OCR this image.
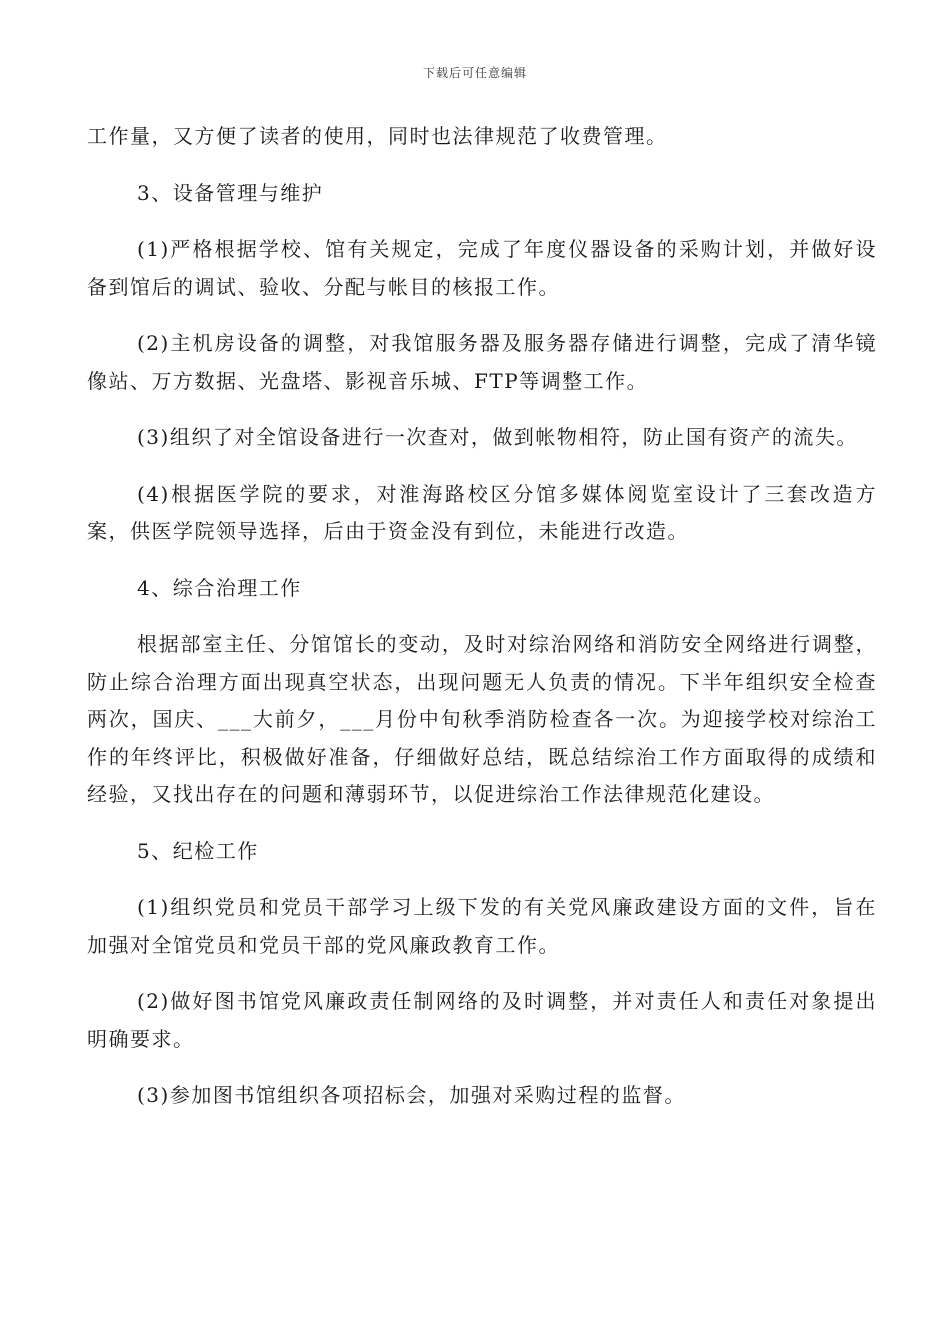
下载后可任意编辑

工作量，又方便了读者的使用，同时也法律规范了收费管理。

3、设备管理与维护

(1)严格根据学校、馆有关规定，完成了年度仪器设备的采购计划，并做好设备到馆后的调试、验收、分配与帐目的核报工作。

(2)主机房设备的调整，对我馆服务器及服务器存储进行调整，完成了清华镜像站、万方数据、光盘塔、影视音乐城、FTP等调整工作。

(3)组织了对全馆设备进行一次查对，做到帐物相符，防止国有资产的流失。

(4)根据医学院的要求，对淮海路校区分馆多媒体阅览室设计了三套改造方案，供医学院领导选择，后由于资金没有到位，未能进行改造。

4、综合治理工作

根据部室主任、分馆馆长的变动，及时对综治网络和消防安全网络进行调整，防止综合治理方面出现真空状态，出现问题无人负责的情况。下半年组织安全检查两次，国庆、___大前夕，___月份中旬秋季消防检查各一次。为迎接学校对综治工作的年终评比，积极做好准备，仔细做好总结，既总结综治工作方面取得的成绩和经验，又找出存在的问题和薄弱环节，以促进综治工作法律规范化建设。

5、纪检工作

(1)组织党员和党员干部学习上级下发的有关党风廉政建设方面的文件，旨在加强对全馆党员和党员干部的党风廉政教育工作。

(2)做好图书馆党风廉政责任制网络的及时调整，并对责任人和责任对象提出明确要求。

(3)参加图书馆组织各项招标会，加强对采购过程的监督。
